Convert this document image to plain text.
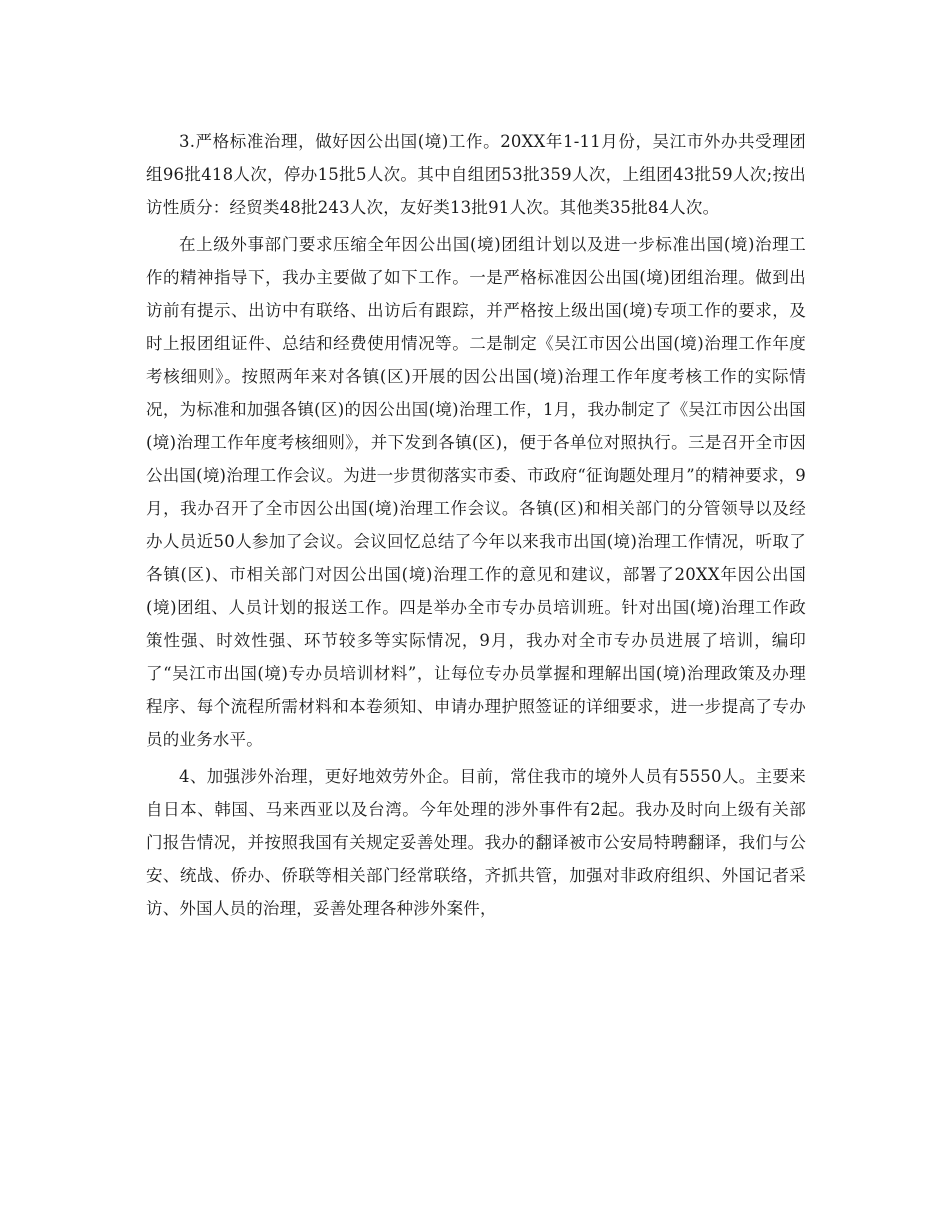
3.严格标准治理，做好因公出国(境)工作。20XX年1-11月份，吴江市外办共受理团组96批418人次，停办15批5人次。其中自组团53批359人次，上组团43批59人次;按出访性质分：经贸类48批243人次，友好类13批91人次。其他类35批84人次。

在上级外事部门要求压缩全年因公出国(境)团组计划以及进一步标准出国(境)治理工作的精神指导下，我办主要做了如下工作。一是严格标准因公出国(境)团组治理。做到出访前有提示、出访中有联络、出访后有跟踪，并严格按上级出国(境)专项工作的要求，及时上报团组证件、总结和经费使用情况等。二是制定《吴江市因公出国(境)治理工作年度考核细则》。按照两年来对各镇(区)开展的因公出国(境)治理工作年度考核工作的实际情况，为标准和加强各镇(区)的因公出国(境)治理工作，1月，我办制定了《吴江市因公出国(境)治理工作年度考核细则》，并下发到各镇(区)，便于各单位对照执行。三是召开全市因公出国(境)治理工作会议。为进一步贯彻落实市委、市政府“征询题处理月”的精神要求，9月，我办召开了全市因公出国(境)治理工作会议。各镇(区)和相关部门的分管领导以及经办人员近50人参加了会议。会议回忆总结了今年以来我市出国(境)治理工作情况，听取了各镇(区)、市相关部门对因公出国(境)治理工作的意见和建议，部署了20XX年因公出国(境)团组、人员计划的报送工作。四是举办全市专办员培训班。针对出国(境)治理工作政策性强、时效性强、环节较多等实际情况，9月，我办对全市专办员进展了培训，编印了“吴江市出国(境)专办员培训材料”，让每位专办员掌握和理解出国(境)治理政策及办理程序、每个流程所需材料和本卷须知、申请办理护照签证的详细要求，进一步提高了专办员的业务水平。

4、加强涉外治理，更好地效劳外企。目前，常住我市的境外人员有5550人。主要来自日本、韩国、马来西亚以及台湾。今年处理的涉外事件有2起。我办及时向上级有关部门报告情况，并按照我国有关规定妥善处理。我办的翻译被市公安局特聘翻译，我们与公安、统战、侨办、侨联等相关部门经常联络，齐抓共管，加强对非政府组织、外国记者采访、外国人员的治理，妥善处理各种涉外案件，
